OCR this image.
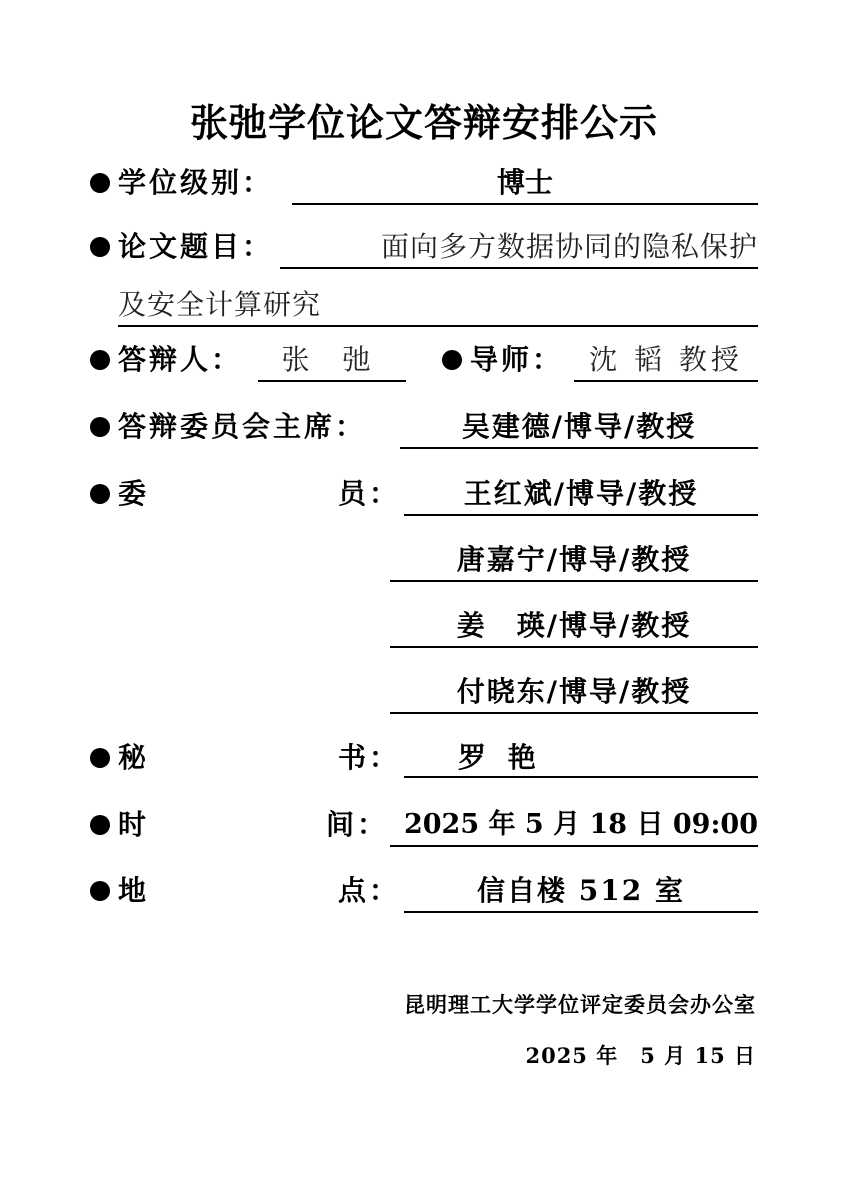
张弛学位论文答辩安排公示
学位级别：	博士
论文题目：	面向多方数据协同的隐私保护
及安全计算研究
答辩人：	张 弛	导师： 沈 韬 教授
答辩委员会主席：	吴建德/博导/教授
委	员：	王红斌/博导/教授
唐嘉宁/博导/教授
姜　瑛/博导/教授
付晓东/博导/教授
秘	书：	罗 艳
时	间： 2025 年 5 月 18 日 09:00
地	点：	信自楼 512 室
昆明理工大学学位评定委员会办公室
2025 年　5 月 15 日
